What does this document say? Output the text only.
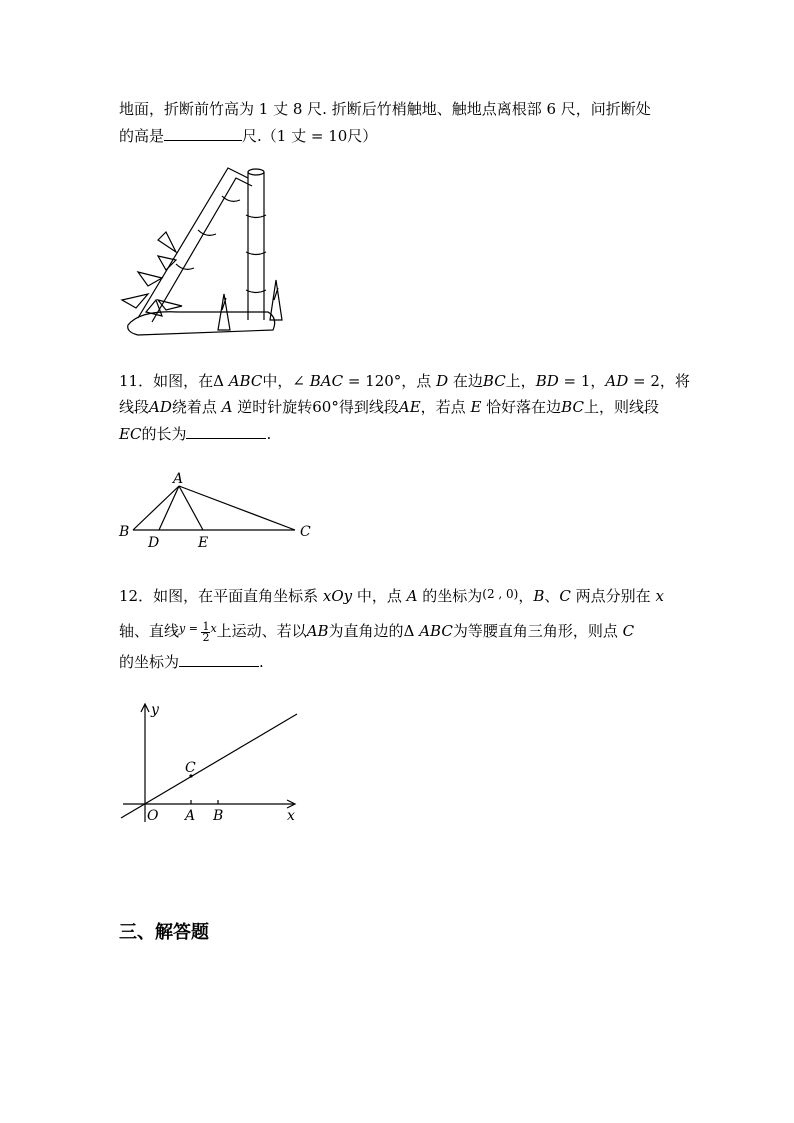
地面，折断前竹高为 1 丈 8 尺. 折断后竹梢触地、触地点离根部 6 尺，问折断处
的高是	尺.（1 丈 = 10尺）
11．如图，在Δ ABC中，∠ BAC = 120°，点 D 在边BC上，BD = 1，AD = 2，将
线段AD绕着点 A 逆时针旋转60°得到线段AE，若点 E 恰好落在边BC上，则线段
EC的长为	.
A
B	C
D	E
12．如图，在平面直角坐标系 xOy 中，点 A 的坐标为$^{(2 , 0)}$，B、C 两点分别在 x
轴、直线$^{y =} \frac{1}{2} ^x$上运动、若以AB为直角边的Δ ABC为等腰直角三角形，则点 C
的坐标为	.
y
x
O A B
C
三、解答题
